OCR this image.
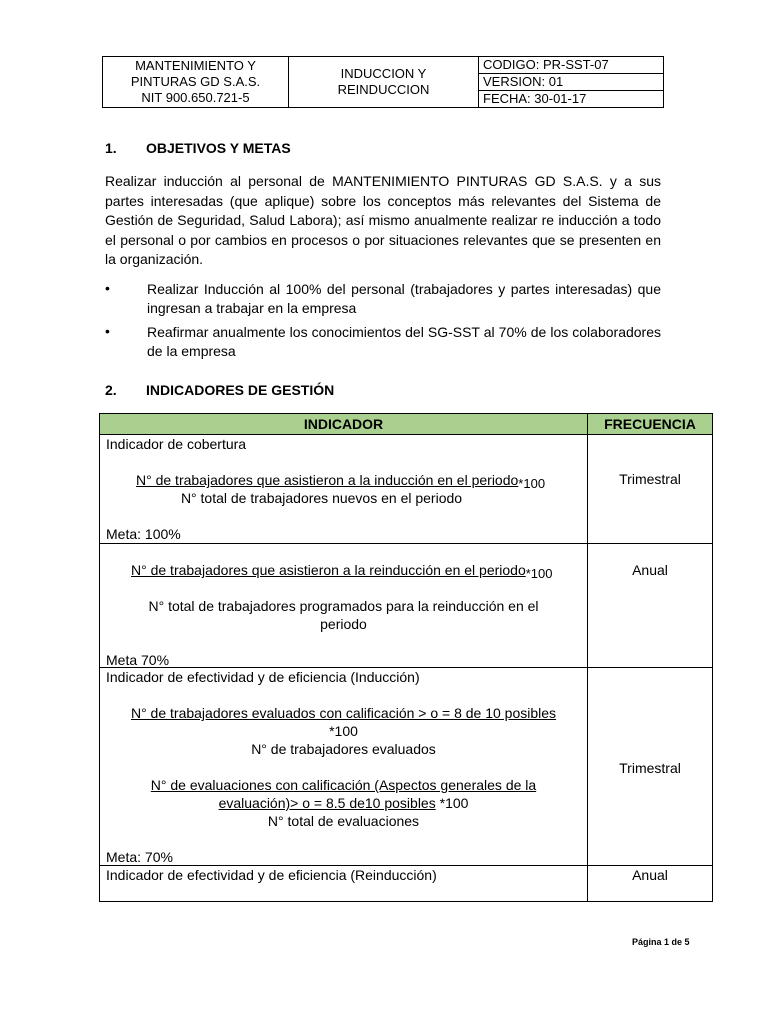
MANTENIMIENTO Y
PINTURAS GD S.A.S.
NIT 900.650.721-5
INDUCCION Y
REINDUCCION
CODIGO: PR-SST-07
VERSION: 01
FECHA: 30-01-17
1. OBJETIVOS Y METAS

Realizar inducción al personal de MANTENIMIENTO PINTURAS GD S.A.S. y a sus partes interesadas (que aplique) sobre los conceptos más relevantes del Sistema de Gestión de Seguridad, Salud Labora); así mismo anualmente realizar re inducción a todo el personal o por cambios en procesos o por situaciones relevantes que se presenten en la organización.

•	Realizar Inducción al 100% del personal (trabajadores y partes interesadas) que ingresan a trabajar en la empresa
•	Reafirmar anualmente los conocimientos del SG-SST al 70% de los colaboradores de la empresa
2. INDICADORES DE GESTIÓN
INDICADOR	FRECUENCIA
Indicador de cobertura
N° de trabajadores que asistieron a la inducción en el periodo*100
N° total de trabajadores nuevos en el periodo
Meta: 100%
Trimestral
N° de trabajadores que asistieron a la reinducción en el periodo*100
N° total de trabajadores programados para la reinducción en el
periodo
Meta 70%
Anual
Indicador de efectividad y de eficiencia (Inducción)
N° de trabajadores evaluados con calificación > o = 8 de 10 posibles
*100
N° de trabajadores evaluados
N° de evaluaciones con calificación (Aspectos generales de la
evaluación)> o = 8.5 de10 posibles *100
N° total de evaluaciones
Meta: 70%
Trimestral
Indicador de efectividad y de eficiencia (Reinducción)	Anual
Página 1 de 5
